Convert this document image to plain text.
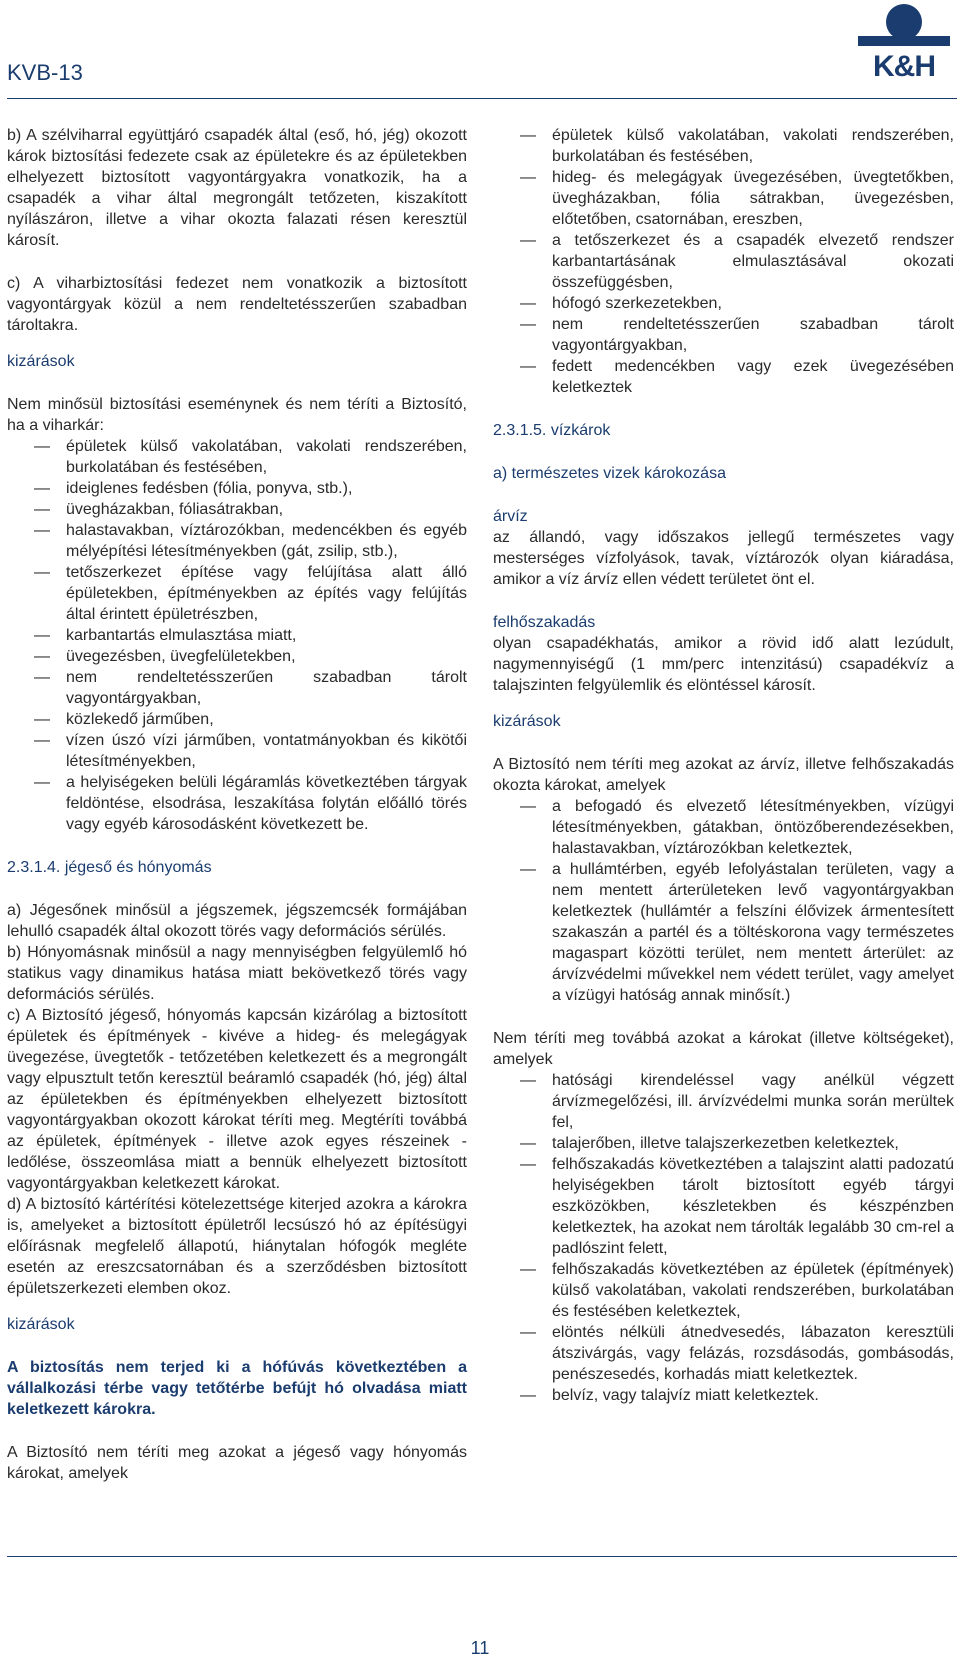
KVB-13	K&H

b) A szélviharral együttjáró csapadék által (eső, hó, jég) okozott károk biztosítási fedezete csak az épületekre és az épületekben elhelyezett biztosított vagyontárgyakra vonatkozik, ha a csapadék a vihar által megrongált tetőzeten, kiszakított nyílászáron, illetve a vihar okozta falazati résen keresztül károsít.

c) A viharbiztosítási fedezet nem vonatkozik a biztosított vagyontárgyak közül a nem rendeltetésszerűen szabadban tároltakra.

kizárások

Nem minősül biztosítási eseménynek és nem téríti a Biztosító, ha a viharkár:

— épületek külső vakolatában, vakolati rendszerében, burkolatában és festésében,
— ideiglenes fedésben (fólia, ponyva, stb.),
— üvegházakban, fóliasátrakban,
— halastavakban, víztározókban, medencékben és egyéb mélyépítési létesítményekben (gát, zsilip, stb.),
— tetőszerkezet építése vagy felújítása alatt álló épületekben, építményekben az építés vagy felújítás által érintett épületrészben,
— karbantartás elmulasztása miatt,
— üvegezésben, üvegfelületekben,
— nem rendeltetésszerűen szabadban tárolt vagyontárgyakban,
— közlekedő járműben,
— vízen úszó vízi járműben, vontatmányokban és kikötői létesítményekben,
— a helyiségeken belüli légáramlás következtében tárgyak feldöntése, elsodrása, leszakítása folytán előálló törés vagy egyéb károsodásként következett be.

2.3.1.4. jégeső és hónyomás

a) Jégesőnek minősül a jégszemek, jégszemcsék formájában lehulló csapadék által okozott törés vagy deformációs sérülés.

b) Hónyomásnak minősül a nagy mennyiségben felgyülemlő hó statikus vagy dinamikus hatása miatt bekövetkező törés vagy deformációs sérülés.

c) A Biztosító jégeső, hónyomás kapcsán kizárólag a biztosított épületek és építmények - kivéve a hideg- és melegágyak üvegezése, üvegtetők - tetőzetében keletkezett és a megrongált vagy elpusztult tetőn keresztül beáramló csapadék (hó, jég) által az épületekben és építményekben elhelyezett biztosított vagyontárgyakban okozott károkat téríti meg. Megtéríti továbbá az épületek, építmények - illetve azok egyes részeinek - ledőlése, összeomlása miatt a bennük elhelyezett biztosított vagyontárgyakban keletkezett károkat.

d) A biztosító kártérítési kötelezettsége kiterjed azokra a károkra is, amelyeket a biztosított épületről lecsúszó hó az építésügyi előírásnak megfelelő állapotú, hiánytalan hófogók megléte esetén az ereszcsatornában és a szerződésben biztosított épületszerkezeti elemben okoz.

kizárások

A biztosítás nem terjed ki a hófúvás következtében a vállalkozási térbe vagy tetőtérbe befújt hó olvadása miatt keletkezett károkra.

A Biztosító nem téríti meg azokat a jégeső vagy hónyomás károkat, amelyek

— épületek külső vakolatában, vakolati rendszerében, burkolatában és festésében,
— hideg- és melegágyak üvegezésében, üvegtetőkben, üvegházakban, fólia sátrakban, üvegezésben, előtetőben, csatornában, ereszben,
— a tetőszerkezet és a csapadék elvezető rendszer karbantartásának elmulasztásával okozati összefüggésben,
— hófogó szerkezetekben,
— nem rendeltetésszerűen szabadban tárolt vagyontárgyakban,
— fedett medencékben vagy ezek üvegezésében keletkeztek

2.3.1.5. vízkárok

a) természetes vizek károkozása

árvíz

az állandó, vagy időszakos jellegű természetes vagy mesterséges vízfolyások, tavak, víztározók olyan kiáradása, amikor a víz árvíz ellen védett területet önt el.

felhőszakadás

olyan csapadékhatás, amikor a rövid idő alatt lezúdult, nagymennyiségű (1 mm/perc intenzitású) csapadékvíz a talajszinten felgyülemlik és elöntéssel károsít.

kizárások

A Biztosító nem téríti meg azokat az árvíz, illetve felhőszakadás okozta károkat, amelyek

— a befogadó és elvezető létesítményekben, vízügyi létesítményekben, gátakban, öntözőberendezésekben, halastavakban, víztározókban keletkeztek,
— a hullámtérben, egyéb lefolyástalan területen, vagy a nem mentett árterületeken levő vagyontárgyakban keletkeztek (hullámtér a felszíni élővizek ármentesített szakaszán a partél és a töltéskorona vagy természetes magaspart közötti terület, nem mentett árterület: az árvízvédelmi művekkel nem védett terület, vagy amelyet a vízügyi hatóság annak minősít.)

Nem téríti meg továbbá azokat a károkat (illetve költségeket), amelyek

— hatósági kirendeléssel vagy anélkül végzett árvízmegelőzési, ill. árvízvédelmi munka során merültek fel,
— talajerőben, illetve talajszerkezetben keletkeztek,
— felhőszakadás következtében a talajszint alatti padozatú helyiségekben tárolt biztosított egyéb tárgyi eszközökben, készletekben és készpénzben keletkeztek, ha azokat nem tárolták legalább 30 cm-rel a padlószint felett,
— felhőszakadás következtében az épületek (építmények) külső vakolatában, vakolati rendszerében, burkolatában és festésében keletkeztek,
— elöntés nélküli átnedvesedés, lábazaton keresztüli átszivárgás, vagy felázás, rozsdásodás, gombásodás, penészesedés, korhadás miatt keletkeztek.
— belvíz, vagy talajvíz miatt keletkeztek.
11
